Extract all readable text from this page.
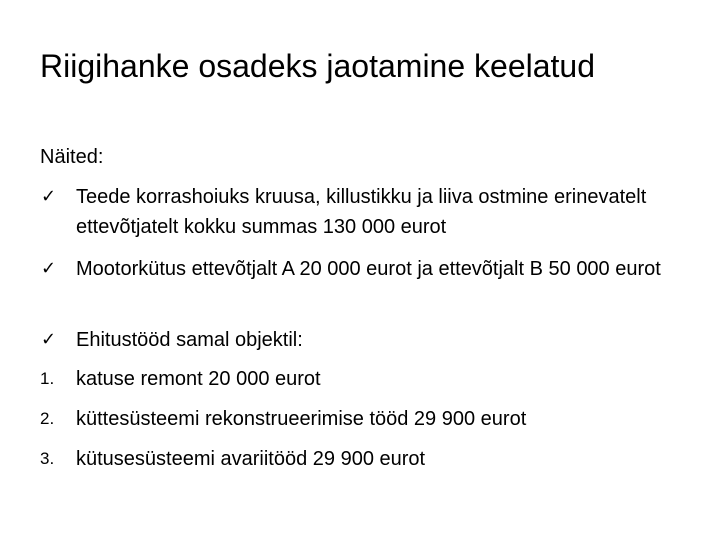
Riigihanke osadeks jaotamine keelatud
Näited:
✓ Teede korrashoiuks kruusa, killustikku ja liiva ostmine erinevatelt ettevõtjatelt kokku summas 130 000 eurot
✓ Mootorkütus ettevõtjalt A 20 000 eurot ja ettevõtjalt B 50 000 eurot
✓ Ehitustööd samal objektil:
1. katuse remont 20 000 eurot
2. küttesüsteemi rekonstrueerimise tööd 29 900 eurot
3. kütusesüsteemi avariitööd 29 900 eurot
